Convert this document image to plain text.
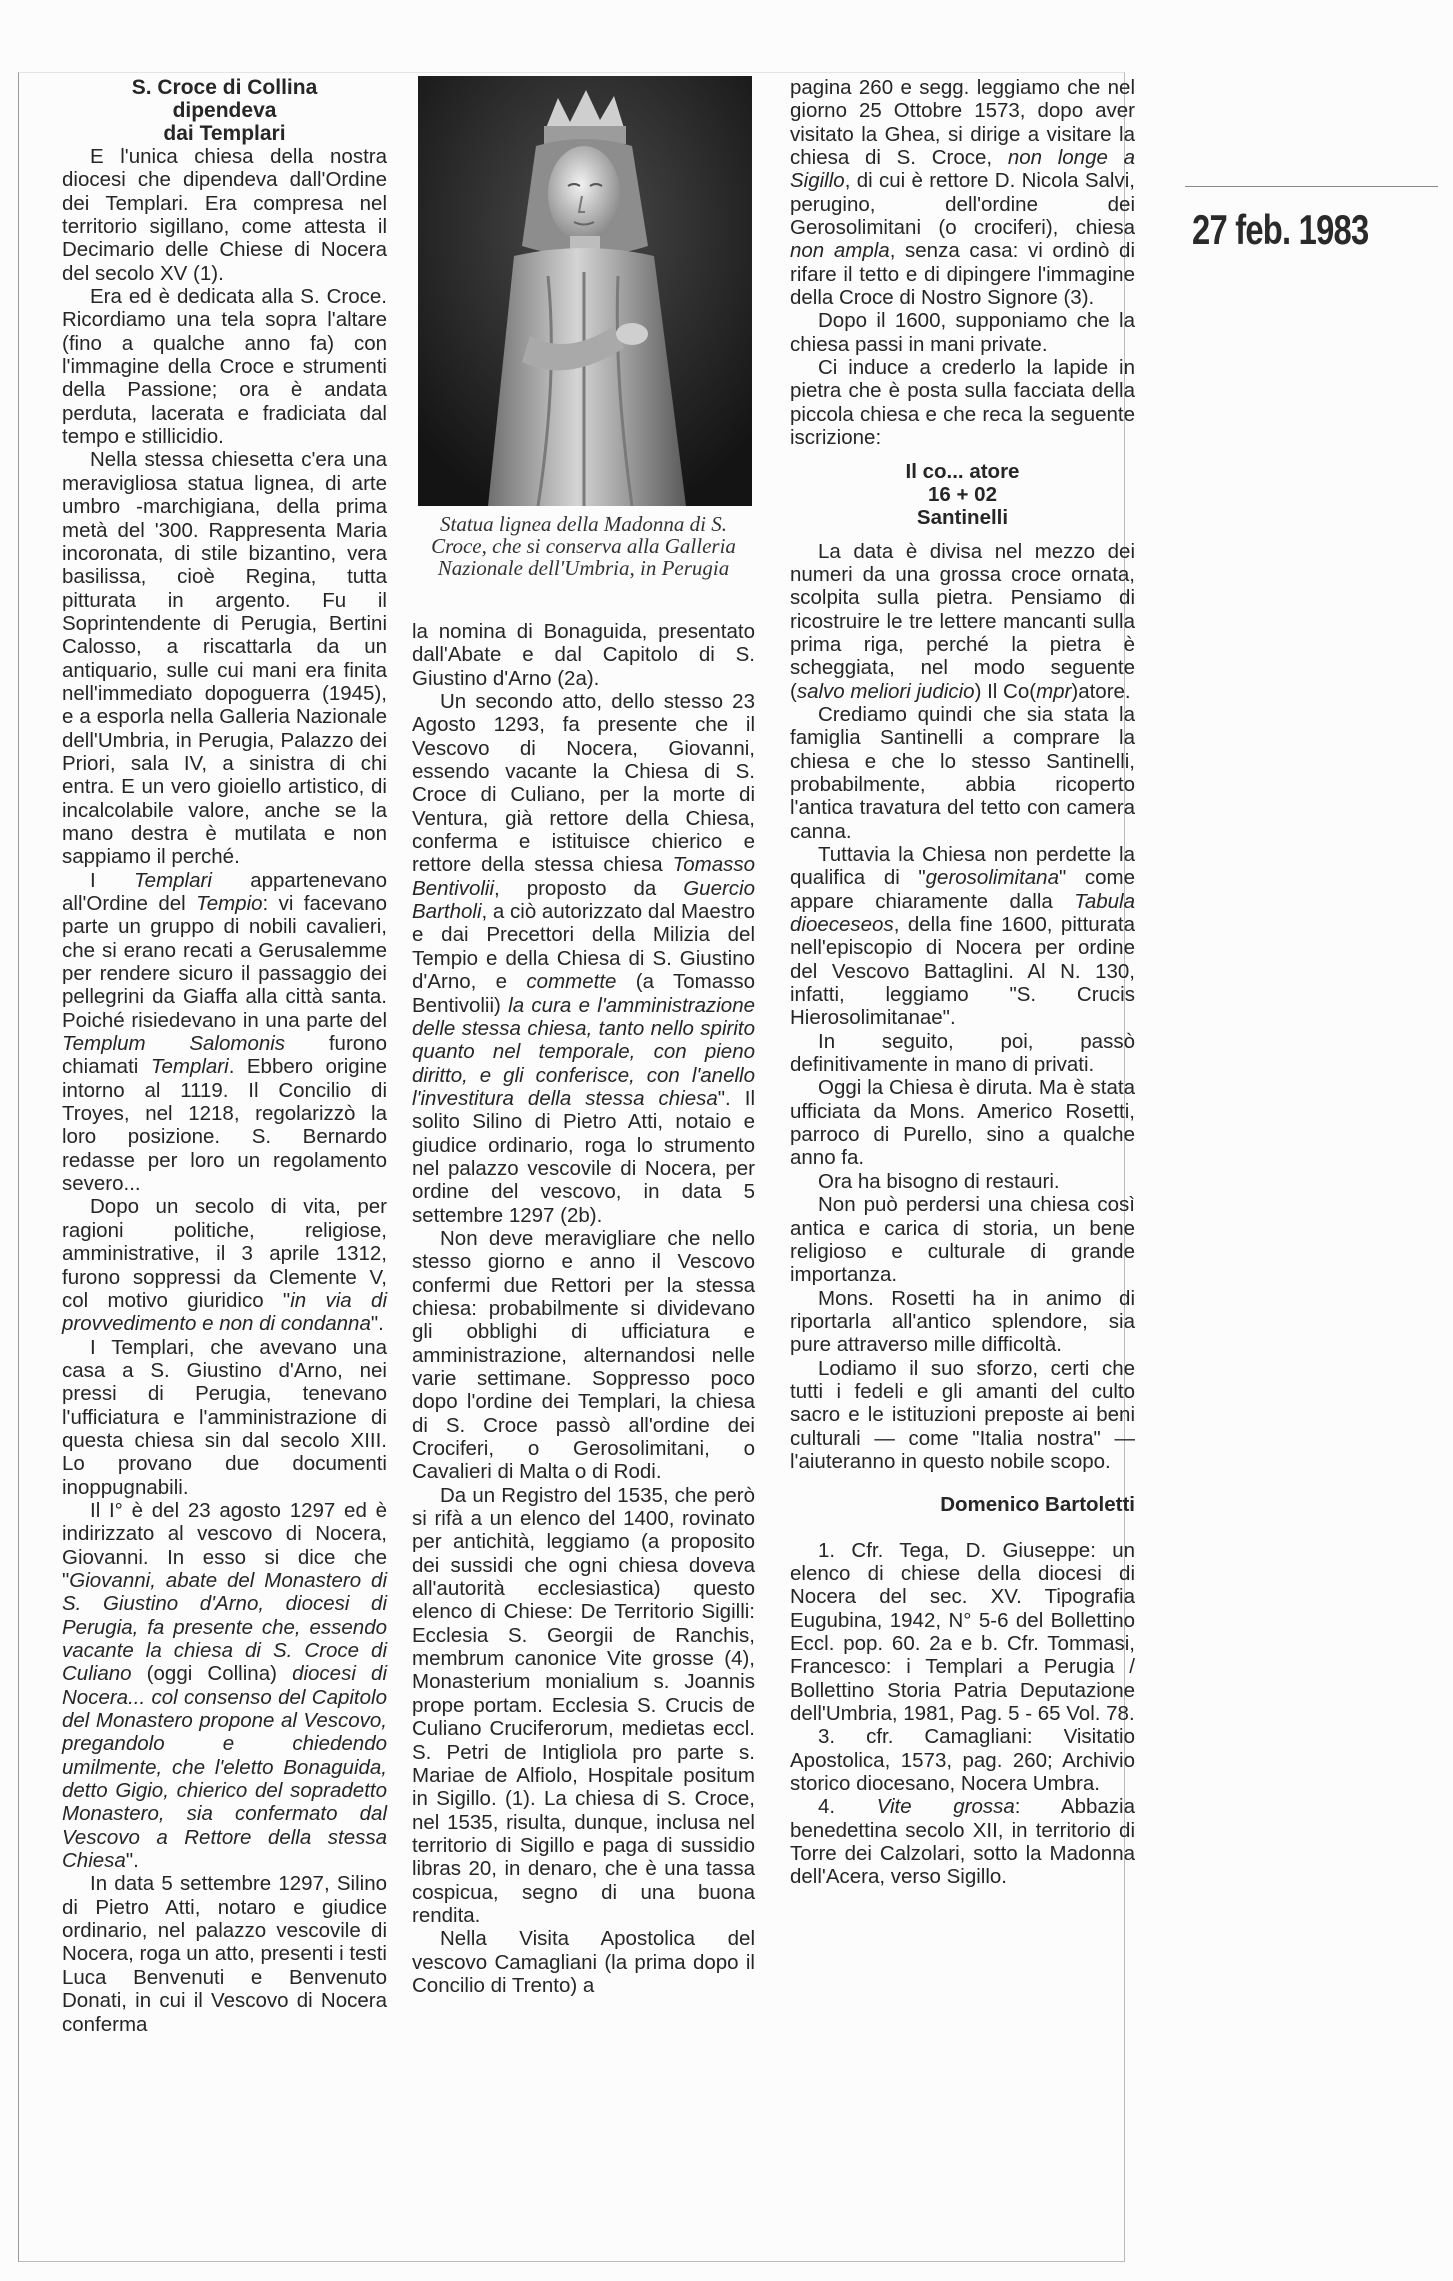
S. Croce di Collina
dipendeva
dai Templari

E l'unica chiesa della nostra diocesi che dipendeva dall'Ordine dei Templari. Era compresa nel territorio sigillano, come attesta il Decimario delle Chiese di Nocera del secolo XV (1).

Era ed è dedicata alla S. Croce. Ricordiamo una tela sopra l'altare (fino a qualche anno fa) con l'immagine della Croce e strumenti della Passione; ora è andata perduta, lacerata e fradiciata dal tempo e stillicidio.

Nella stessa chiesetta c'era una meravigliosa statua lignea, di arte umbro -marchigiana, della prima metà del '300. Rappresenta Maria incoronata, di stile bizantino, vera basilissa, cioè Regina, tutta pitturata in argento. Fu il Soprintendente di Perugia, Bertini Calosso, a riscattarla da un antiquario, sulle cui mani era finita nell'immediato dopoguerra (1945), e a esporla nella Galleria Nazionale dell'Umbria, in Perugia, Palazzo dei Priori, sala IV, a sinistra di chi entra. E un vero gioiello artistico, di incalcolabile valore, anche se la mano destra è mutilata e non sappiamo il perché.

I Templari appartenevano all'Ordine del Tempio: vi facevano parte un gruppo di nobili cavalieri, che si erano recati a Gerusalemme per rendere sicuro il passaggio dei pellegrini da Giaffa alla città santa. Poiché risiedevano in una parte del Templum Salomonis furono chiamati Templari. Ebbero origine intorno al 1119. Il Concilio di Troyes, nel 1218, regolarizzò la loro posizione. S. Bernardo redasse per loro un regolamento severo...

Dopo un secolo di vita, per ragioni politiche, religiose, amministrative, il 3 aprile 1312, furono soppressi da Clemente V, col motivo giuridico "in via di provvedimento e non di condanna".

I Templari, che avevano una casa a S. Giustino d'Arno, nei pressi di Perugia, tenevano l'ufficiatura e l'amministrazione di questa chiesa sin dal secolo XIII. Lo provano due documenti inoppugnabili.

Il I° è del 23 agosto 1297 ed è indirizzato al vescovo di Nocera, Giovanni. In esso si dice che "Giovanni, abate del Monastero di S. Giustino d'Arno, diocesi di Perugia, fa presente che, essendo vacante la chiesa di S. Croce di Culiano (oggi Collina) diocesi di Nocera... col consenso del Capitolo del Monastero propone al Vescovo, pregandolo e chiedendo umilmente, che l'eletto Bonaguida, detto Gigio, chierico del sopradetto Monastero, sia confermato dal Vescovo a Rettore della stessa Chiesa".

In data 5 settembre 1297, Silino di Pietro Atti, notaro e giudice ordinario, nel palazzo vescovile di Nocera, roga un atto, presenti i testi Luca Benvenuti e Benvenuto Donati, in cui il Vescovo di Nocera conferma

Statua lignea della Madonna di S. Croce, che si conserva alla Galleria Nazionale dell'Umbria, in Perugia

la nomina di Bonaguida, presentato dall'Abate e dal Capitolo di S. Giustino d'Arno (2a).

Un secondo atto, dello stesso 23 Agosto 1293, fa presente che il Vescovo di Nocera, Giovanni, essendo vacante la Chiesa di S. Croce di Culiano, per la morte di Ventura, già rettore della Chiesa, conferma e istituisce chierico e rettore della stessa chiesa Tomasso Bentivolii, proposto da Guercio Bartholi, a ciò autorizzato dal Maestro e dai Precettori della Milizia del Tempio e della Chiesa di S. Giustino d'Arno, e commette (a Tomasso Bentivolii) la cura e l'amministrazione delle stessa chiesa, tanto nello spirito quanto nel temporale, con pieno diritto, e gli conferisce, con l'anello l'investitura della stessa chiesa". Il solito Silino di Pietro Atti, notaio e giudice ordinario, roga lo strumento nel palazzo vescovile di Nocera, per ordine del vescovo, in data 5 settembre 1297 (2b).

Non deve meravigliare che nello stesso giorno e anno il Vescovo confermi due Rettori per la stessa chiesa: probabilmente si dividevano gli obblighi di ufficiatura e amministrazione, alternandosi nelle varie settimane. Soppresso poco dopo l'ordine dei Templari, la chiesa di S. Croce passò all'ordine dei Crociferi, o Gerosolimitani, o Cavalieri di Malta o di Rodi.

Da un Registro del 1535, che però si rifà a un elenco del 1400, rovinato per antichità, leggiamo (a proposito dei sussidi che ogni chiesa doveva all'autorità ecclesiastica) questo elenco di Chiese: De Territorio Sigilli: Ecclesia S. Georgii de Ranchis, membrum canonice Vite grosse (4), Monasterium monialium s. Joannis prope portam. Ecclesia S. Crucis de Culiano Cruciferorum, medietas eccl. S. Petri de Intigliola pro parte s. Mariae de Alfiolo, Hospitale positum in Sigillo. (1). La chiesa di S. Croce, nel 1535, risulta, dunque, inclusa nel territorio di Sigillo e paga di sussidio libras 20, in denaro, che è una tassa cospicua, segno di una buona rendita.

Nella Visita Apostolica del vescovo Camagliani (la prima dopo il Concilio di Trento) a

pagina 260 e segg. leggiamo che nel giorno 25 Ottobre 1573, dopo aver visitato la Ghea, si dirige a visitare la chiesa di S. Croce, non longe a Sigillo, di cui è rettore D. Nicola Salvi, perugino, dell'ordine dei Gerosolimitani (o crociferi), chiesa non ampla, senza casa: vi ordinò di rifare il tetto e di dipingere l'immagine della Croce di Nostro Signore (3).

Dopo il 1600, supponiamo che la chiesa passi in mani private.

Ci induce a crederlo la lapide in pietra che è posta sulla facciata della piccola chiesa e che reca la seguente iscrizione:

Il co... atore
16 + 02
Santinelli

La data è divisa nel mezzo dei numeri da una grossa croce ornata, scolpita sulla pietra. Pensiamo di ricostruire le tre lettere mancanti sulla prima riga, perché la pietra è scheggiata, nel modo seguente (salvo meliori judicio) Il Co(mpr)atore.

Crediamo quindi che sia stata la famiglia Santinelli a comprare la chiesa e che lo stesso Santinelli, probabilmente, abbia ricoperto l'antica travatura del tetto con camera canna.

Tuttavia la Chiesa non perdette la qualifica di "gerosolimitana" come appare chiaramente dalla Tabula dioeceseos, della fine 1600, pitturata nell'episcopio di Nocera per ordine del Vescovo Battaglini. Al N. 130, infatti, leggiamo "S. Crucis Hierosolimitanae".

In seguito, poi, passò definitivamente in mano di privati.

Oggi la Chiesa è diruta. Ma è stata ufficiata da Mons. Americo Rosetti, parroco di Purello, sino a qualche anno fa.

Ora ha bisogno di restauri.

Non può perdersi una chiesa così antica e carica di storia, un bene religioso e culturale di grande importanza.

Mons. Rosetti ha in animo di riportarla all'antico splendore, sia pure attraverso mille difficoltà.

Lodiamo il suo sforzo, certi che tutti i fedeli e gli amanti del culto sacro e le istituzioni preposte ai beni culturali — come "Italia nostra" — l'aiuteranno in questo nobile scopo.

Domenico Bartoletti

1. Cfr. Tega, D. Giuseppe: un elenco di chiese della diocesi di Nocera del sec. XV. Tipografia Eugubina, 1942, N° 5-6 del Bollettino Eccl. pop. 60. 2a e b. Cfr. Tommasi, Francesco: i Templari a Perugia / Bollettino Storia Patria Deputazione dell'Umbria, 1981, Pag. 5 - 65 Vol. 78.

3. cfr. Camagliani: Visitatio Apostolica, 1573, pag. 260; Archivio storico diocesano, Nocera Umbra.

4. Vite grossa: Abbazia benedettina secolo XII, in territorio di Torre dei Calzolari, sotto la Madonna dell'Acera, verso Sigillo.

27 feb. 1983
